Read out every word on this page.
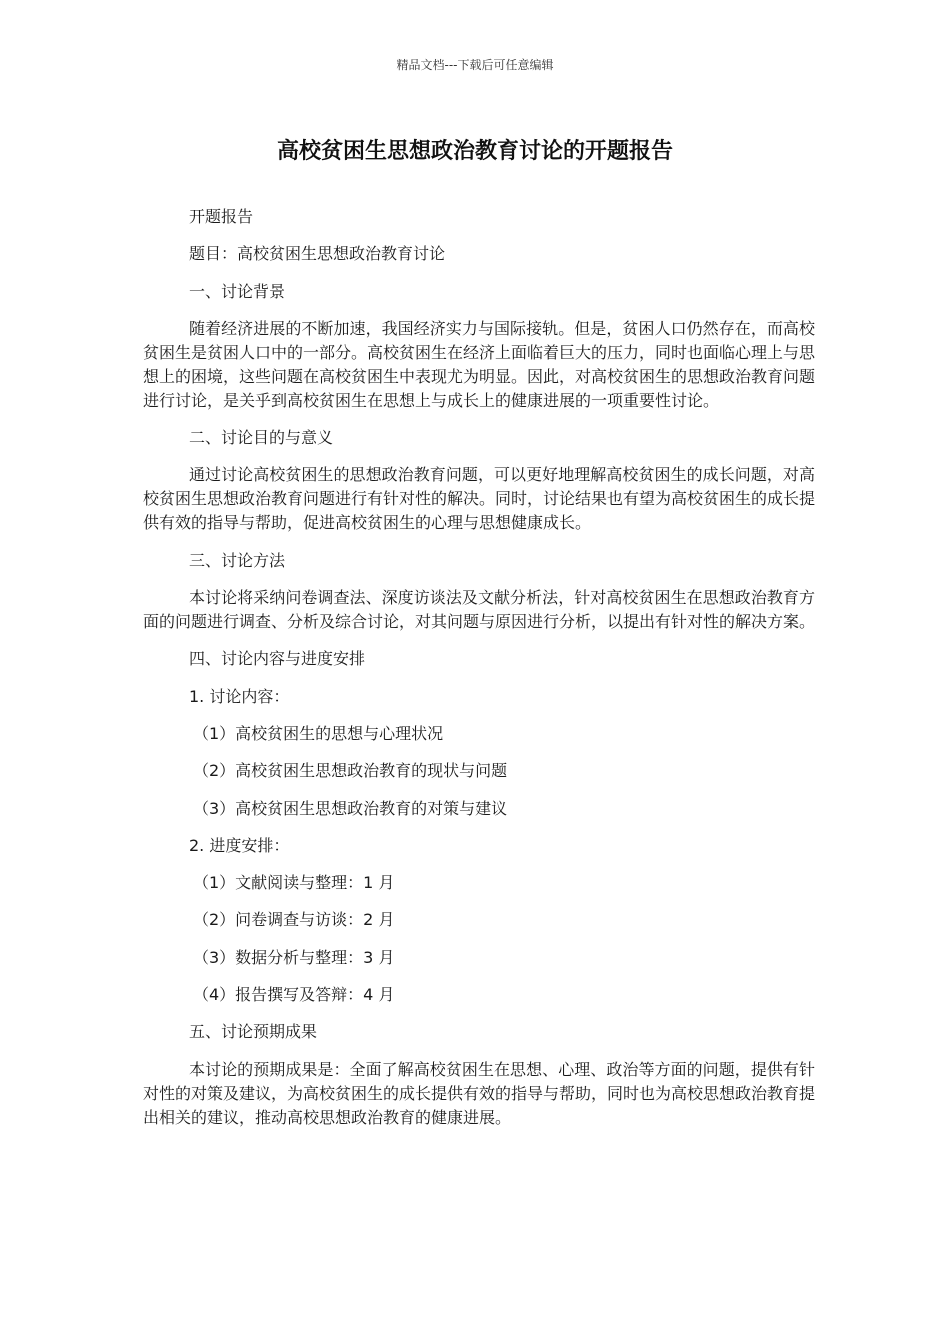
精品文档---下载后可任意编辑
高校贫困生思想政治教育讨论的开题报告
开题报告
题目：高校贫困生思想政治教育讨论
一、讨论背景
随着经济进展的不断加速，我国经济实力与国际接轨。但是，贫困人口仍然存在，而高校贫困生是贫困人口中的一部分。高校贫困生在经济上面临着巨大的压力，同时也面临心理上与思想上的困境，这些问题在高校贫困生中表现尤为明显。因此，对高校贫困生的思想政治教育问题进行讨论，是关乎到高校贫困生在思想上与成长上的健康进展的一项重要性讨论。
二、讨论目的与意义
通过讨论高校贫困生的思想政治教育问题，可以更好地理解高校贫困生的成长问题，对高校贫困生思想政治教育问题进行有针对性的解决。同时，讨论结果也有望为高校贫困生的成长提供有效的指导与帮助，促进高校贫困生的心理与思想健康成长。
三、讨论方法
本讨论将采纳问卷调查法、深度访谈法及文献分析法，针对高校贫困生在思想政治教育方面的问题进行调查、分析及综合讨论，对其问题与原因进行分析，以提出有针对性的解决方案。
四、讨论内容与进度安排
1. 讨论内容：
（1）高校贫困生的思想与心理状况
（2）高校贫困生思想政治教育的现状与问题
（3）高校贫困生思想政治教育的对策与建议
2. 进度安排：
（1）文献阅读与整理：1 月
（2）问卷调查与访谈：2 月
（3）数据分析与整理：3 月
（4）报告撰写及答辩：4 月
五、讨论预期成果
本讨论的预期成果是：全面了解高校贫困生在思想、心理、政治等方面的问题，提供有针对性的对策及建议，为高校贫困生的成长提供有效的指导与帮助，同时也为高校思想政治教育提出相关的建议，推动高校思想政治教育的健康进展。
